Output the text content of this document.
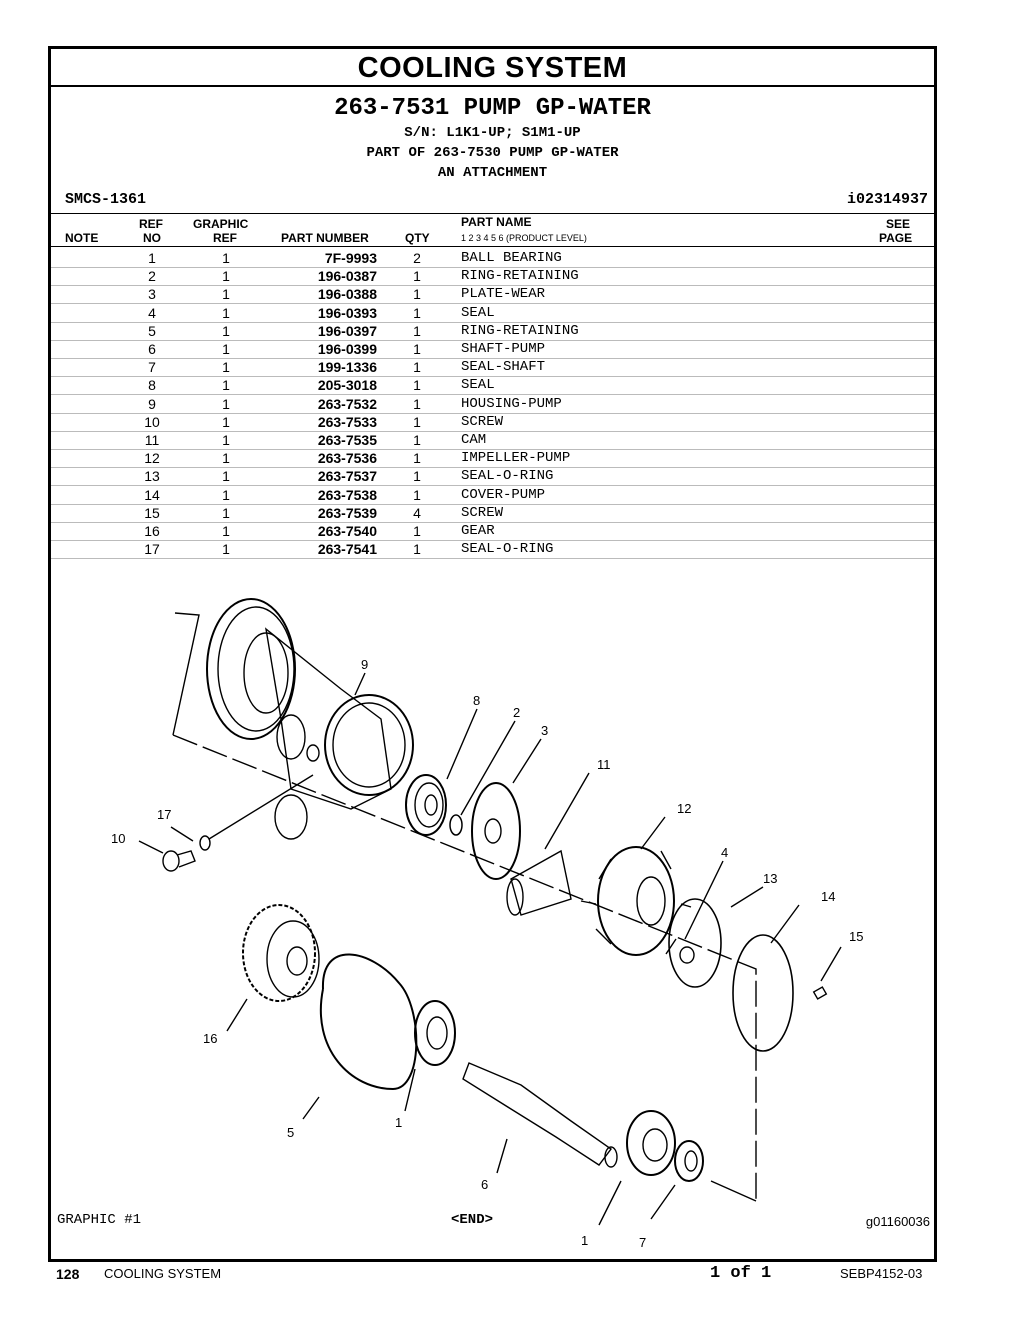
COOLING SYSTEM
263-7531 PUMP GP-WATER
S/N: L1K1-UP; S1M1-UP
PART OF 263-7530 PUMP GP-WATER
AN ATTACHMENT
SMCS-1361	i02314937
NOTE
REF
NO
GRAPHIC
REF	PART NUMBER	QTY
PART NAME
1 2 3 4 5 6 (PRODUCT LEVEL)
SEE
PAGE
1	1	7F-9993	2	BALL BEARING
2	1	196-0387	1	RING-RETAINING
3	1	196-0388	1	PLATE-WEAR
4	1	196-0393	1	SEAL
5	1	196-0397	1	RING-RETAINING
6	1	196-0399	1	SHAFT-PUMP
7	1	199-1336	1	SEAL-SHAFT
8	1	205-3018	1	SEAL
9	1	263-7532	1	HOUSING-PUMP
10	1	263-7533	1	SCREW
11	1	263-7535	1	CAM
12	1	263-7536	1	IMPELLER-PUMP
13	1	263-7537	1	SEAL-O-RING
14	1	263-7538	1	COVER-PUMP
15	1	263-7539	4	SCREW
16	1	263-7540	1	GEAR
17	1	263-7541	1	SEAL-O-RING
9
8
2
3
11
12
4
13
14
15
17
10
16
5
1
6
1	7
GRAPHIC #1	<END>	g01160036
128 COOLING SYSTEM	1 of 1	SEBP4152-03
